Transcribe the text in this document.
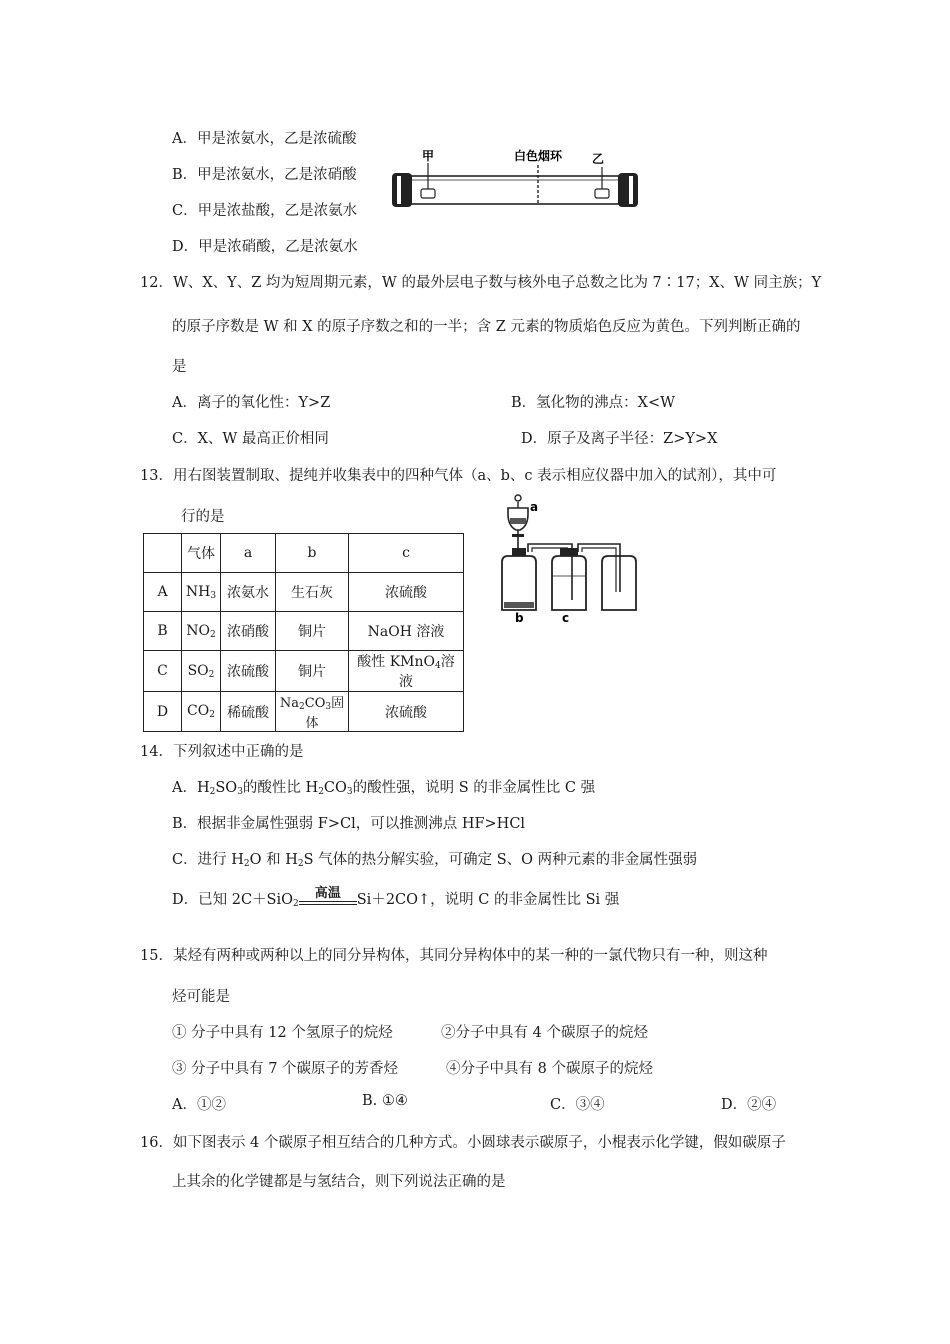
A．甲是浓氨水，乙是浓硫酸
B．甲是浓氨水，乙是浓硝酸
C．甲是浓盐酸，乙是浓氨水
D．甲是浓硝酸，乙是浓氨水
甲	白色烟环 乙
12．W、X、Y、Z 均为短周期元素，W 的最外层电子数与核外电子总数之比为 7∶17；X、W 同主族；Y
的原子序数是 W 和 X 的原子序数之和的一半；含 Z 元素的物质焰色反应为黄色。下列判断正确的
是
A．离子的氧化性：Y>Z	B．氢化物的沸点：X<W
C．X、W 最高正价相同	D．原子及离子半径：Z>Y>X
13．用右图装置制取、提纯并收集表中的四种气体（a、b、c 表示相应仪器中加入的试剂），其中可
行的是
	气体	a	b	c
A	$NH_3$	浓氨水	生石灰	浓硫酸
B	$NO_2$	浓硝酸	铜片	NaOH 溶液
C	$SO_2$	浓硫酸	铜片	酸性 KMnO$_4$溶液
D	$CO_2$	稀硫酸	$Na_2CO_3$固体	浓硫酸
a
b	c
14．下列叙述中正确的是
A．$H_2SO_3$的酸性比 $H_2CO_3$的酸性强，说明 S 的非金属性比 C 强
B．根据非金属性强弱 F>Cl，可以推测沸点 HF>HCl
C．进行 $H_2O$ 和 $H_2S$ 气体的热分解实验，可确定 S、O 两种元素的非金属性强弱
D．已知 2C＋SiO$_2$
高温	Si＋2CO↑，说明 C 的非金属性比 Si 强
15．某烃有两种或两种以上的同分异构体，其同分异构体中的某一种的一氯代物只有一种，则这种
烃可能是
① 分子中具有 12 个氢原子的烷烃	②分子中具有 4 个碳原子的烷烃
③ 分子中具有 7 个碳原子的芳香烃	④分子中具有 8 个碳原子的烷烃
A．①②	B. ①④	C．③④	D．②④
16．如下图表示 4 个碳原子相互结合的几种方式。小圆球表示碳原子，小棍表示化学键，假如碳原子
上其余的化学键都是与氢结合，则下列说法正确的是
